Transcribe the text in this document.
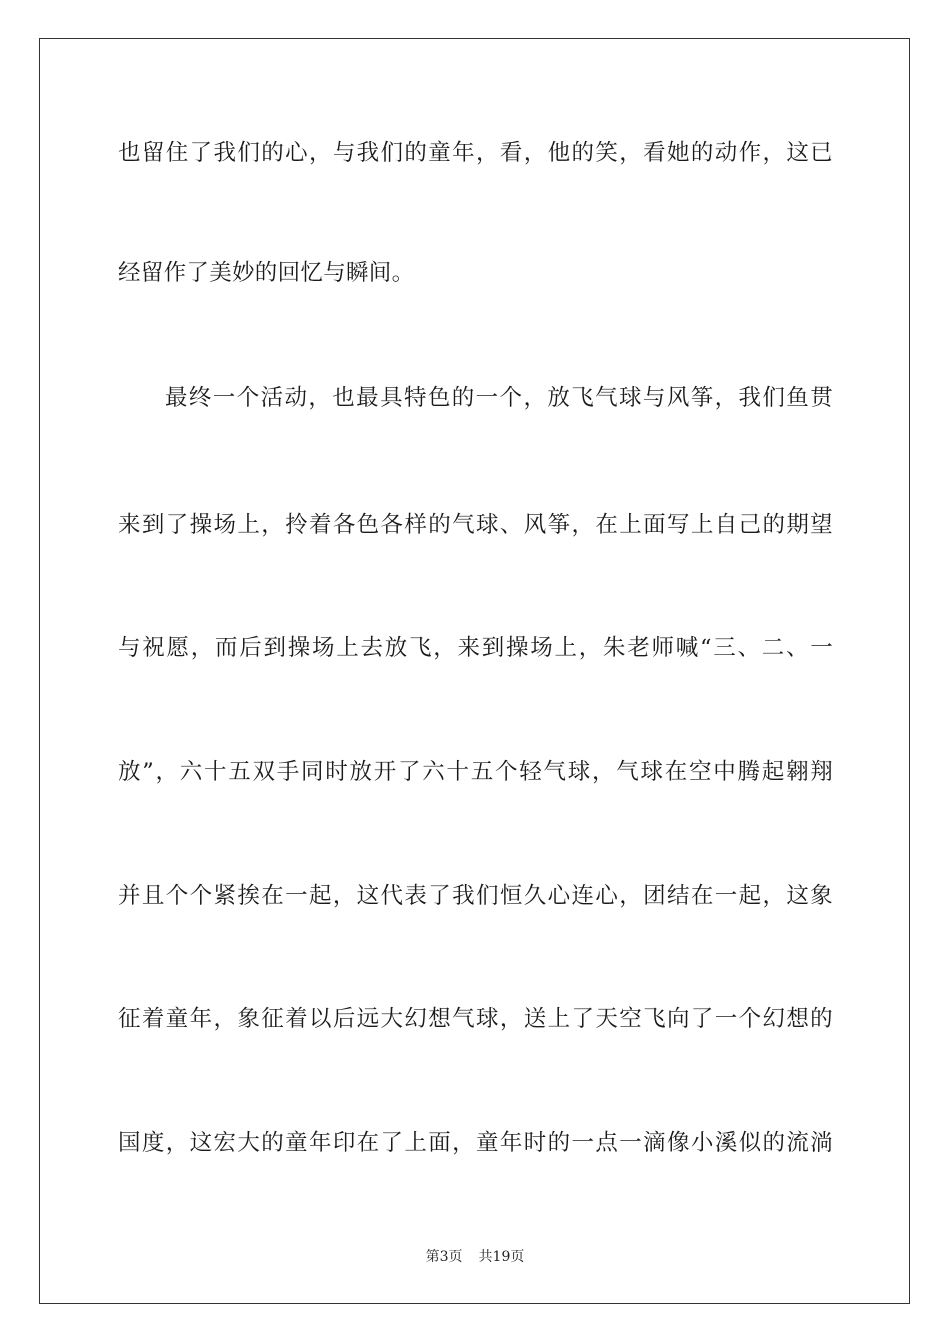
也留住了我们的心，与我们的童年，看，他的笑，看她的动作，这已
经留作了美妙的回忆与瞬间。
最终一个活动，也最具特色的一个，放飞气球与风筝，我们鱼贯
来到了操场上，拎着各色各样的气球、风筝，在上面写上自己的期望
与祝愿，而后到操场上去放飞，来到操场上，朱老师喊“三、二、一
放”，六十五双手同时放开了六十五个轻气球，气球在空中腾起翱翔
并且个个紧挨在一起，这代表了我们恒久心连心，团结在一起，这象
征着童年，象征着以后远大幻想气球，送上了天空飞向了一个幻想的
国度，这宏大的童年印在了上面，童年时的一点一滴像小溪似的流淌
第3页 共19页
